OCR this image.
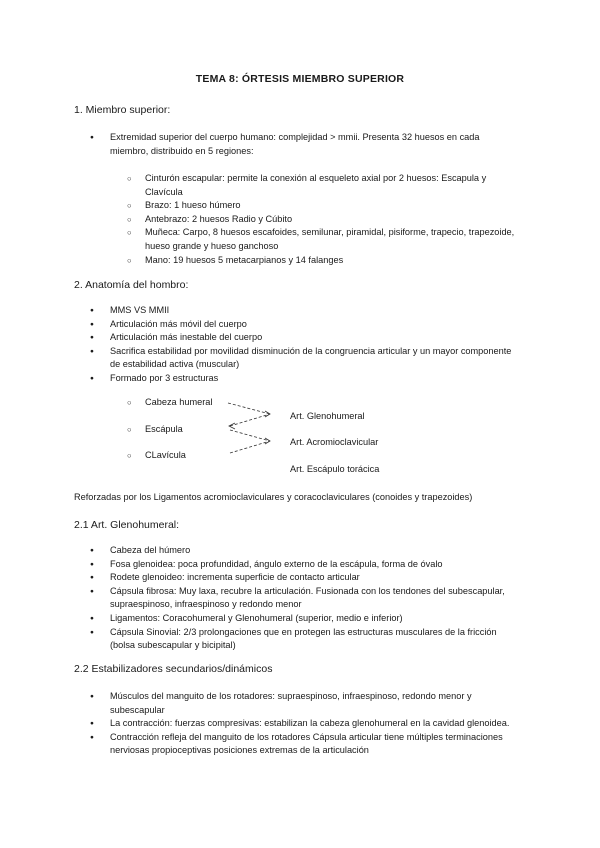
TEMA 8: ÓRTESIS MIEMBRO SUPERIOR
1. Miembro superior:
● Extremidad superior del cuerpo humano: complejidad > mmii. Presenta 32 huesos en cada miembro, distribuido en 5 regiones:
○ Cinturón escapular: permite la conexión al esqueleto axial por 2 huesos: Escapula y Clavícula
○ Brazo: 1 hueso húmero
○ Antebrazo: 2 huesos Radio y Cúbito
○ Muñeca: Carpo, 8 huesos escafoides, semilunar, piramidal, pisiforme, trapecio, trapezoide, hueso grande y hueso ganchoso
○ Mano: 19 huesos 5 metacarpianos y 14 falanges
2. Anatomía del hombro:
● MMS VS MMII
● Articulación más móvil del cuerpo
● Articulación más inestable del cuerpo
● Sacrifica estabilidad por movilidad disminución de la congruencia articular y un mayor componente de estabilidad activa (muscular)
● Formado por 3 estructuras
○ Cabeza humeral
○ Escápula
○ CLavícula
Art. Glenohumeral
Art. Acromioclavicular
Art. Escápulo torácica
Reforzadas por los Ligamentos acromioclaviculares y coracoclaviculares (conoides y trapezoides)
2.1 Art. Glenohumeral:
● Cabeza del húmero
● Fosa glenoidea: poca profundidad, ángulo externo de la escápula, forma de óvalo
● Rodete glenoideo: incrementa superficie de contacto articular
● Cápsula fibrosa: Muy laxa, recubre la articulación. Fusionada con los tendones del subescapular, supraespinoso, infraespinoso y redondo menor
● Ligamentos: Coracohumeral y Glenohumeral (superior, medio e inferior)
● Cápsula Sinovial: 2/3 prolongaciones que en protegen las estructuras musculares de la fricción (bolsa subescapular y bicipital)
2.2 Estabilizadores secundarios/dinámicos
● Músculos del manguito de los rotadores: supraespinoso, infraespinoso, redondo menor y subescapular
● La contracción: fuerzas compresivas: estabilizan la cabeza glenohumeral en la cavidad glenoidea.
● Contracción refleja del manguito de los rotadores Cápsula articular tiene múltiples terminaciones nerviosas propioceptivas posiciones extremas de la articulación
